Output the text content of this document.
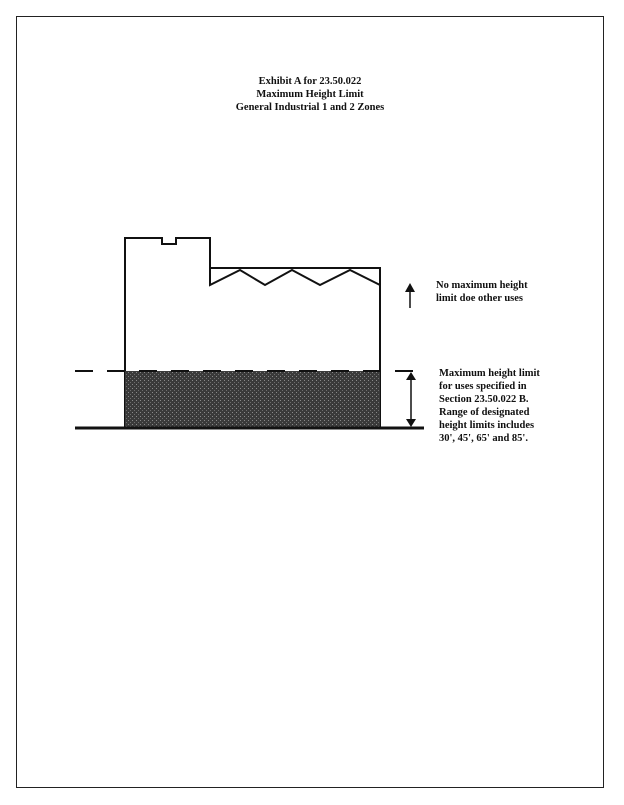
Exhibit A for 23.50.022
Maximum Height Limit
General Industrial 1 and 2 Zones
No maximum height
limit doe other uses
Maximum height limit
for uses specified in
Section 23.50.022 B.
Range of designated
height limits includes
30', 45', 65' and 85'.
